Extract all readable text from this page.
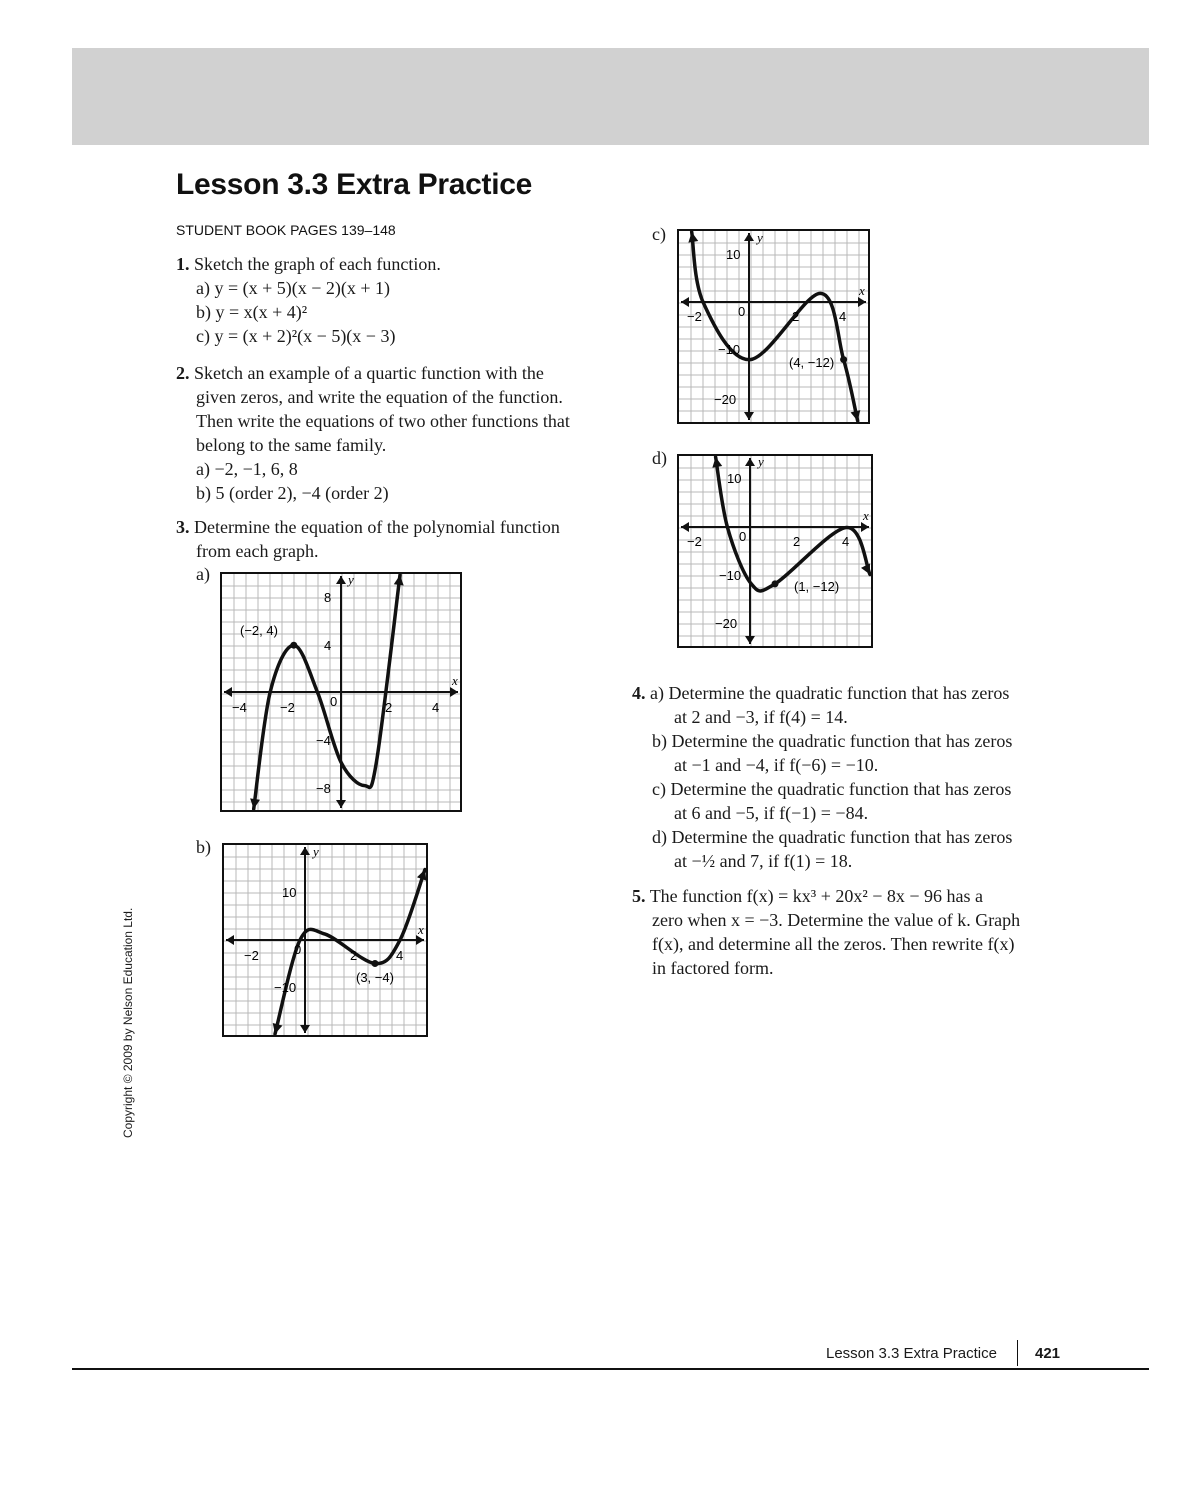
Lesson 3.3 Extra Practice
STUDENT BOOK PAGES 139–148
1. Sketch the graph of each function.
a) y = (x + 5)(x − 2)(x + 1)
b) y = x(x + 4)²
c) y = (x + 2)²(x − 5)(x − 3)
2. Sketch an example of a quartic function with the
given zeros, and write the equation of the function.
Then write the equations of two other functions that
belong to the same family.
a) −2, −1, 6, 8
b) 5 (order 2), −4 (order 2)
3. Determine the equation of the polynomial function
from each graph.
a)
b)
c)
d)
(−2, 4)
x
y
−4	−2	0	2	4
8
4
−4
−8
(3, −4)
x
y
−2	0	2	4
10
−10
(4, −12)
x
y
−2	0	2	4
10
−10
−20
(1, −12)
x
y
−2	0	2	4
10
−10
−20
4. a) Determine the quadratic function that has zeros
at 2 and −3, if f(4) = 14.
b) Determine the quadratic function that has zeros
at −1 and −4, if f(−6) = −10.
c) Determine the quadratic function that has zeros
at 6 and −5, if f(−1) = −84.
d) Determine the quadratic function that has zeros
at −½ and 7, if f(1) = 18.
5. The function f(x) = kx³ + 20x² − 8x − 96 has a
zero when x = −3. Determine the value of k. Graph
f(x), and determine all the zeros. Then rewrite f(x)
in factored form.
Copyright © 2009 by Nelson Education Ltd.
Lesson 3.3 Extra Practice	421
